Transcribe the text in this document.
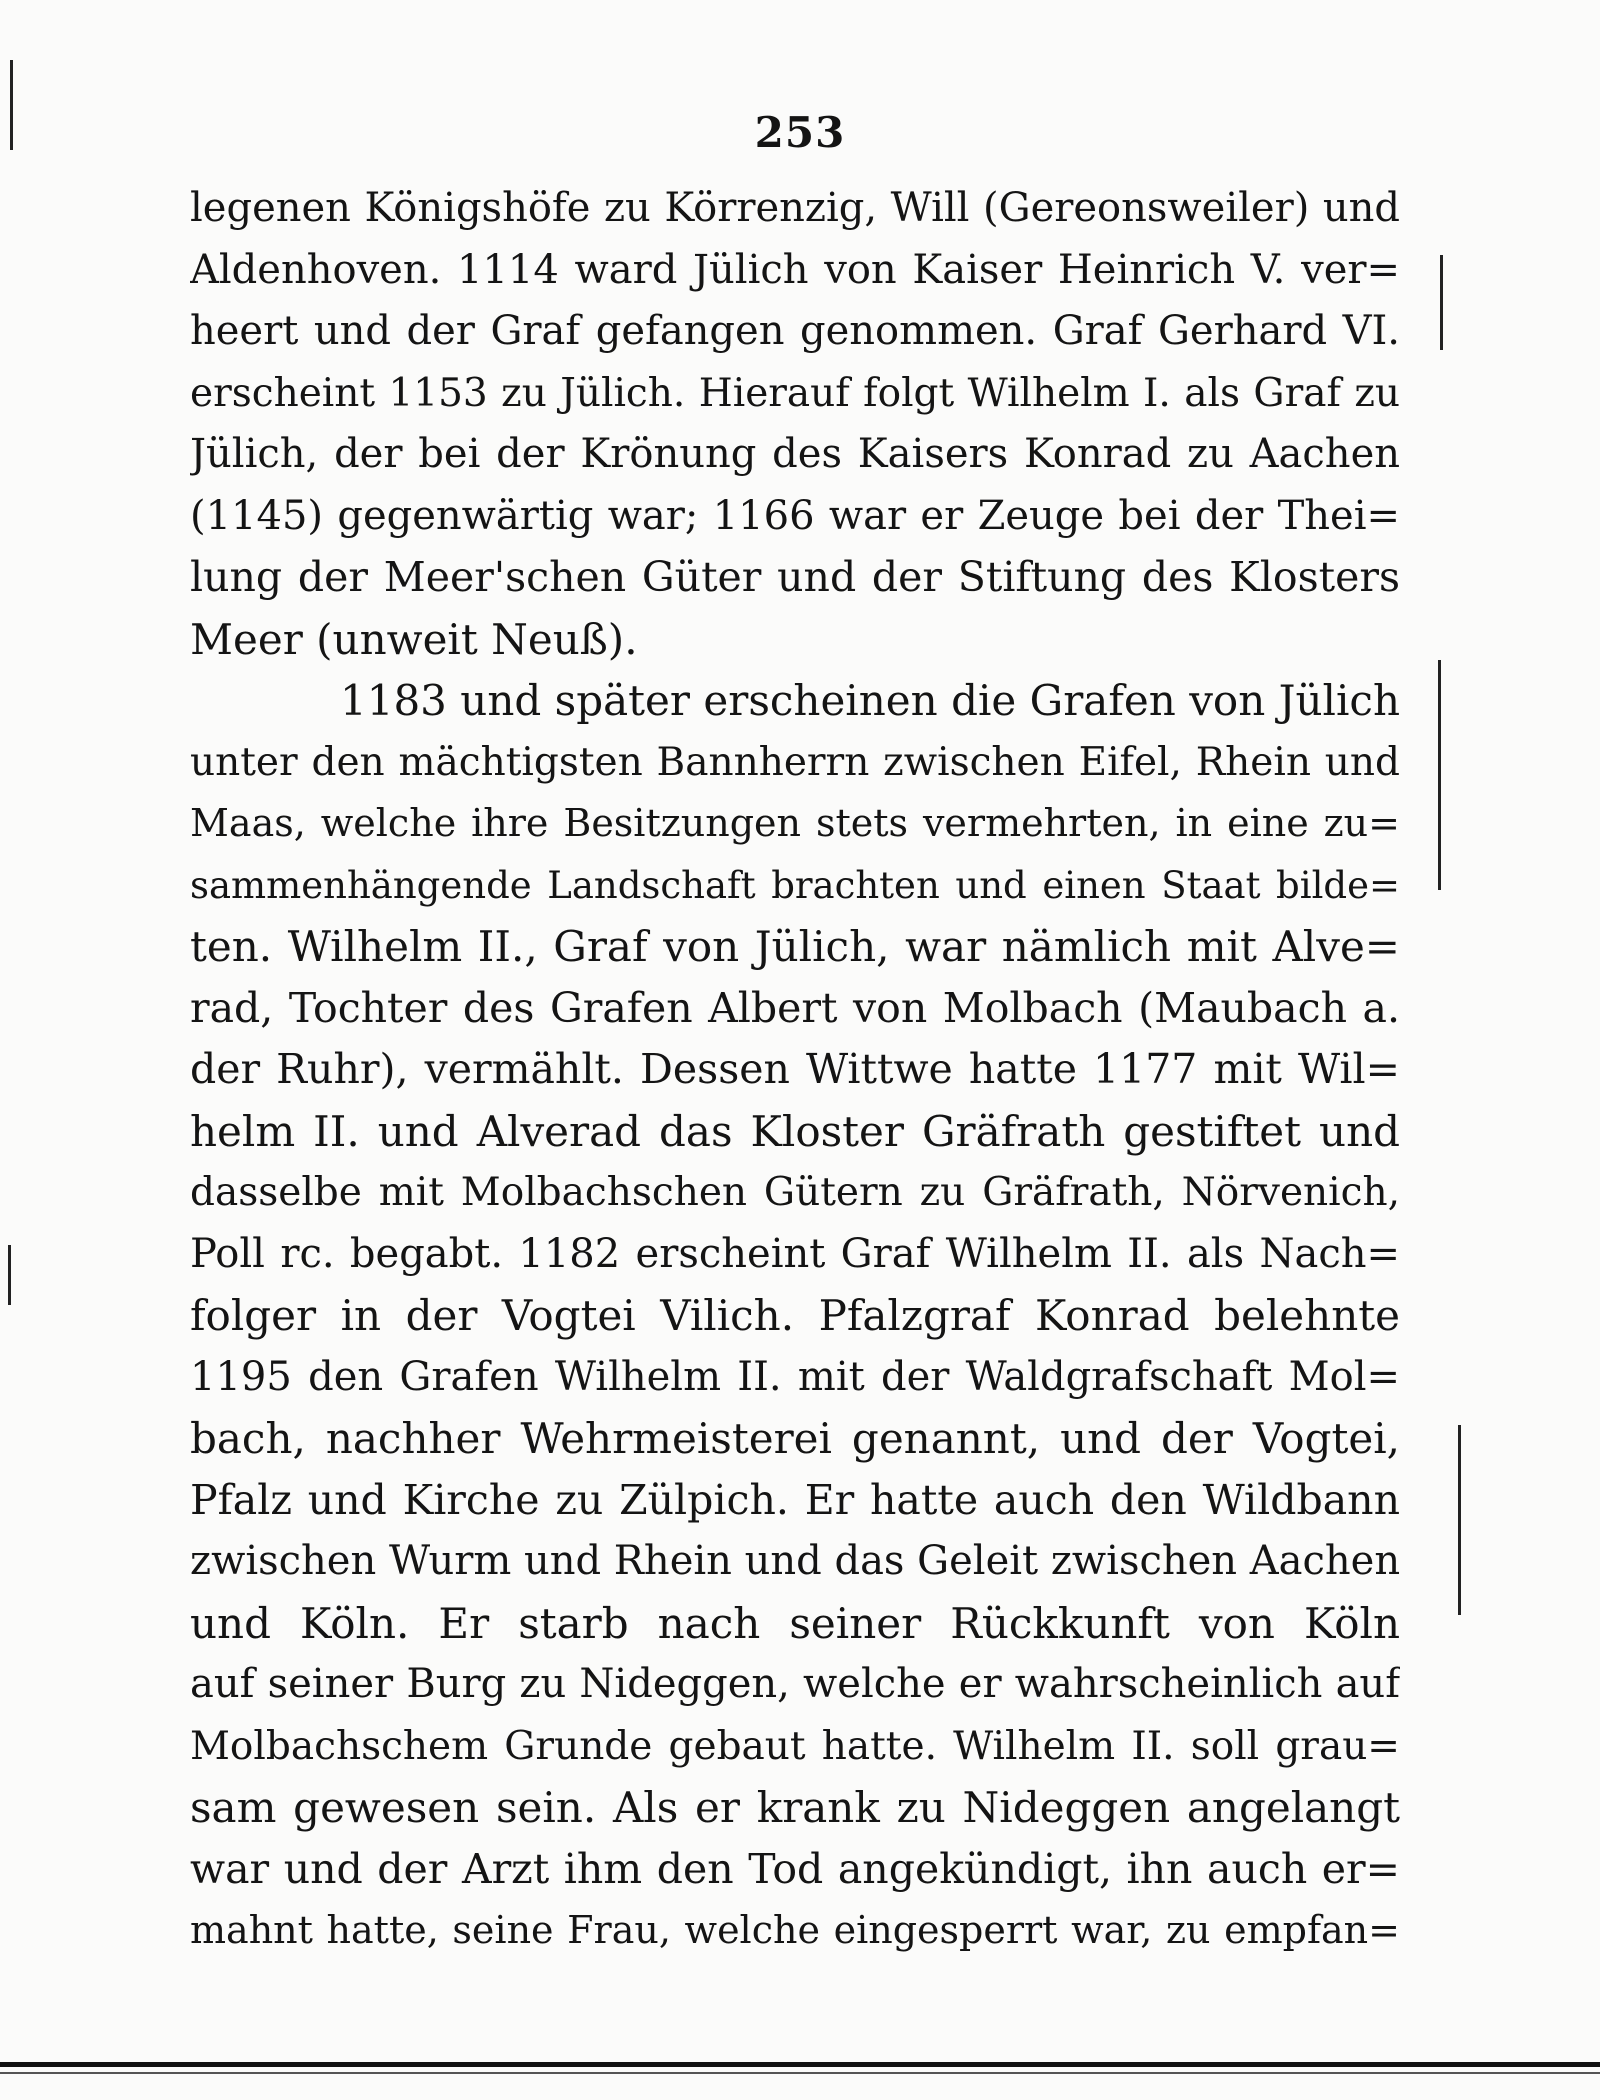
253
legenen Königshöfe zu Körrenzig, Will (Gereonsweiler) und
Aldenhoven. 1114 ward Jülich von Kaiser Heinrich V. ver=
heert und der Graf gefangen genommen. Graf Gerhard VI.
erscheint 1153 zu Jülich. Hierauf folgt Wilhelm I. als Graf zu
Jülich, der bei der Krönung des Kaisers Konrad zu Aachen
(1145) gegenwärtig war; 1166 war er Zeuge bei der Thei=
lung der Meer'schen Güter und der Stiftung des Klosters
Meer (unweit Neuß).
1183 und später erscheinen die Grafen von Jülich
unter den mächtigsten Bannherrn zwischen Eifel, Rhein und
Maas, welche ihre Besitzungen stets vermehrten, in eine zu=
sammenhängende Landschaft brachten und einen Staat bilde=
ten. Wilhelm II., Graf von Jülich, war nämlich mit Alve=
rad, Tochter des Grafen Albert von Molbach (Maubach a.
der Ruhr), vermählt. Dessen Wittwe hatte 1177 mit Wil=
helm II. und Alverad das Kloster Gräfrath gestiftet und
dasselbe mit Molbachschen Gütern zu Gräfrath, Nörvenich,
Poll rc. begabt. 1182 erscheint Graf Wilhelm II. als Nach=
folger in der Vogtei Vilich. Pfalzgraf Konrad belehnte
1195 den Grafen Wilhelm II. mit der Waldgrafschaft Mol=
bach, nachher Wehrmeisterei genannt, und der Vogtei,
Pfalz und Kirche zu Zülpich. Er hatte auch den Wildbann
zwischen Wurm und Rhein und das Geleit zwischen Aachen
und Köln. Er starb nach seiner Rückkunft von Köln
auf seiner Burg zu Nideggen, welche er wahrscheinlich auf
Molbachschem Grunde gebaut hatte. Wilhelm II. soll grau=
sam gewesen sein. Als er krank zu Nideggen angelangt
war und der Arzt ihm den Tod angekündigt, ihn auch er=
mahnt hatte, seine Frau, welche eingesperrt war, zu empfan=
